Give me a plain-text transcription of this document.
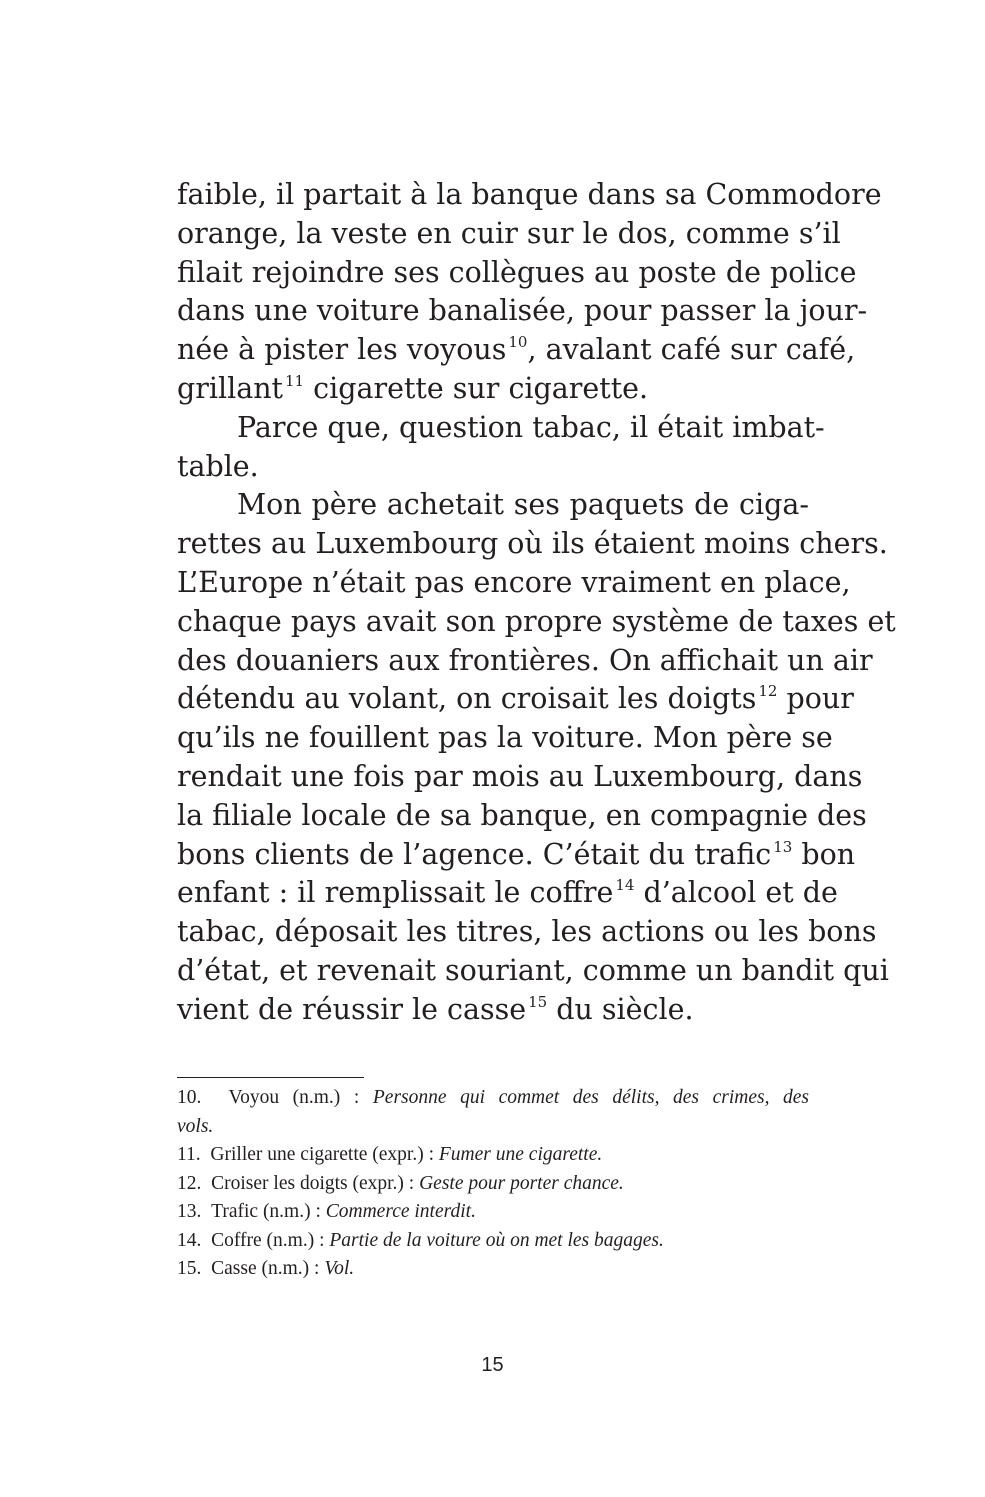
faible, il partait à la banque dans sa Commodore
orange, la veste en cuir sur le dos, comme s’il
filait rejoindre ses collègues au poste de police
dans une voiture banalisée, pour passer la jour-
née à pister les voyous $^{10}$, avalant café sur café,
grillant $^{11}$ cigarette sur cigarette.
Parce que, question tabac, il était imbat-
table.
Mon père achetait ses paquets de ciga-
rettes au Luxembourg où ils étaient moins chers.
L’Europe n’était pas encore vraiment en place,
chaque pays avait son propre système de taxes et
des douaniers aux frontières. On affichait un air
détendu au volant, on croisait les doigts $^{12}$ pour
qu’ils ne fouillent pas la voiture. Mon père se
rendait une fois par mois au Luxembourg, dans
la filiale locale de sa banque, en compagnie des
bons clients de l’agence. C’était du trafic $^{13}$ bon
enfant : il remplissait le coffre $^{14}$ d’alcool et de
tabac, déposait les titres, les actions ou les bons
d’état, et revenait souriant, comme un bandit qui
vient de réussir le casse $^{15}$ du siècle.
10. Voyou (n.m.) : Personne qui commet des délits, des crimes, des
vols.
11. Griller une cigarette (expr.) : Fumer une cigarette.
12. Croiser les doigts (expr.) : Geste pour porter chance.
13. Trafic (n.m.) : Commerce interdit.
14. Coffre (n.m.) : Partie de la voiture où on met les bagages.
15. Casse (n.m.) : Vol.
15
